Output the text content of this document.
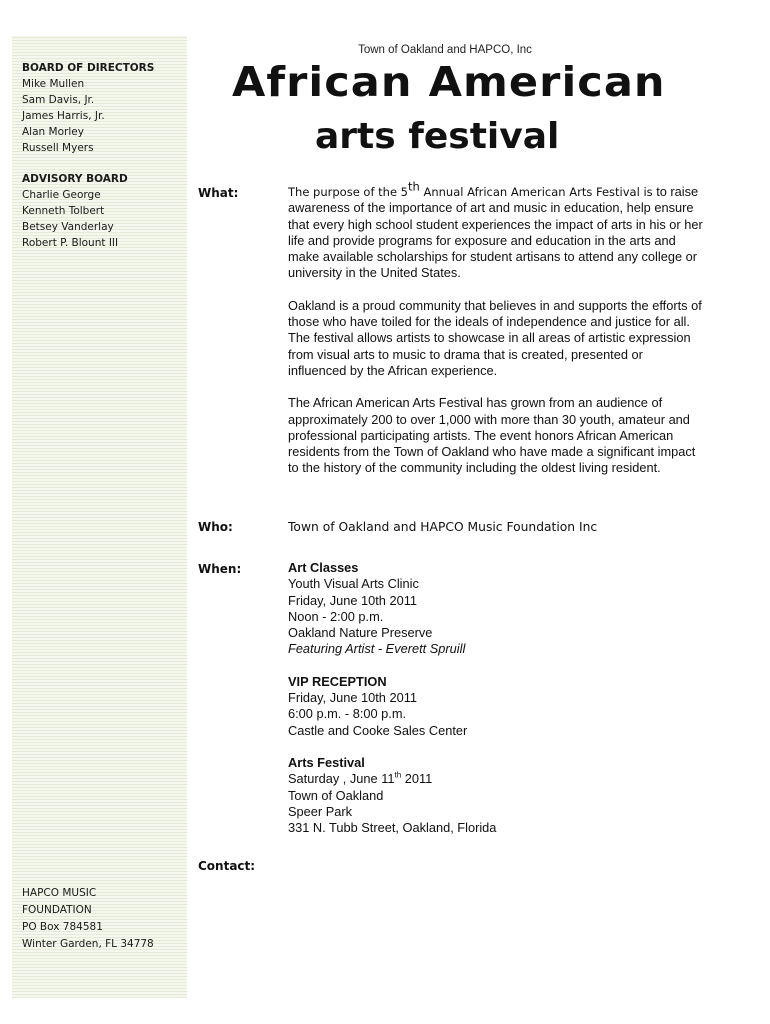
BOARD OF DIRECTORS
Mike Mullen
Sam Davis, Jr.
James Harris, Jr.
Alan Morley
Russell Myers
ADVISORY BOARD
Charlie George
Kenneth Tolbert
Betsey Vanderlay
Robert P. Blount III
HAPCO MUSIC
FOUNDATION
PO Box 784581
Winter Garden, FL 34778
Town of Oakland and HAPCO, Inc
African American
arts festival
What:	The purpose of the 5th Annual African American Arts Festival is to raise awareness of the importance of art and music in education, help ensure that every high school student experiences the impact of arts in his or her life and provide programs for exposure and education in the arts and make available scholarships for student artisans to attend any college or university in the United States.

Oakland is a proud community that believes in and supports the efforts of those who have toiled for the ideals of independence and justice for all. The festival allows artists to showcase in all areas of artistic expression from visual arts to music to drama that is created, presented or influenced by the African experience.

The African American Arts Festival has grown from an audience of approximately 200 to over 1,000 with more than 30 youth, amateur and professional participating artists. The event honors African American residents from the Town of Oakland who have made a significant impact to the history of the community including the oldest living resident.

Who:	Town of Oakland and HAPCO Music Foundation Inc
When:	Art Classes
Youth Visual Arts Clinic
Friday, June 10th 2011
Noon - 2:00 p.m.
Oakland Nature Preserve
Featuring Artist - Everett Spruill
VIP RECEPTION
Friday, June 10th 2011
6:00 p.m. - 8:00 p.m.
Castle and Cooke Sales Center
Arts Festival
Saturday , June 11th 2011
Town of Oakland
Speer Park
331 N. Tubb Street, Oakland, Florida
Contact:
